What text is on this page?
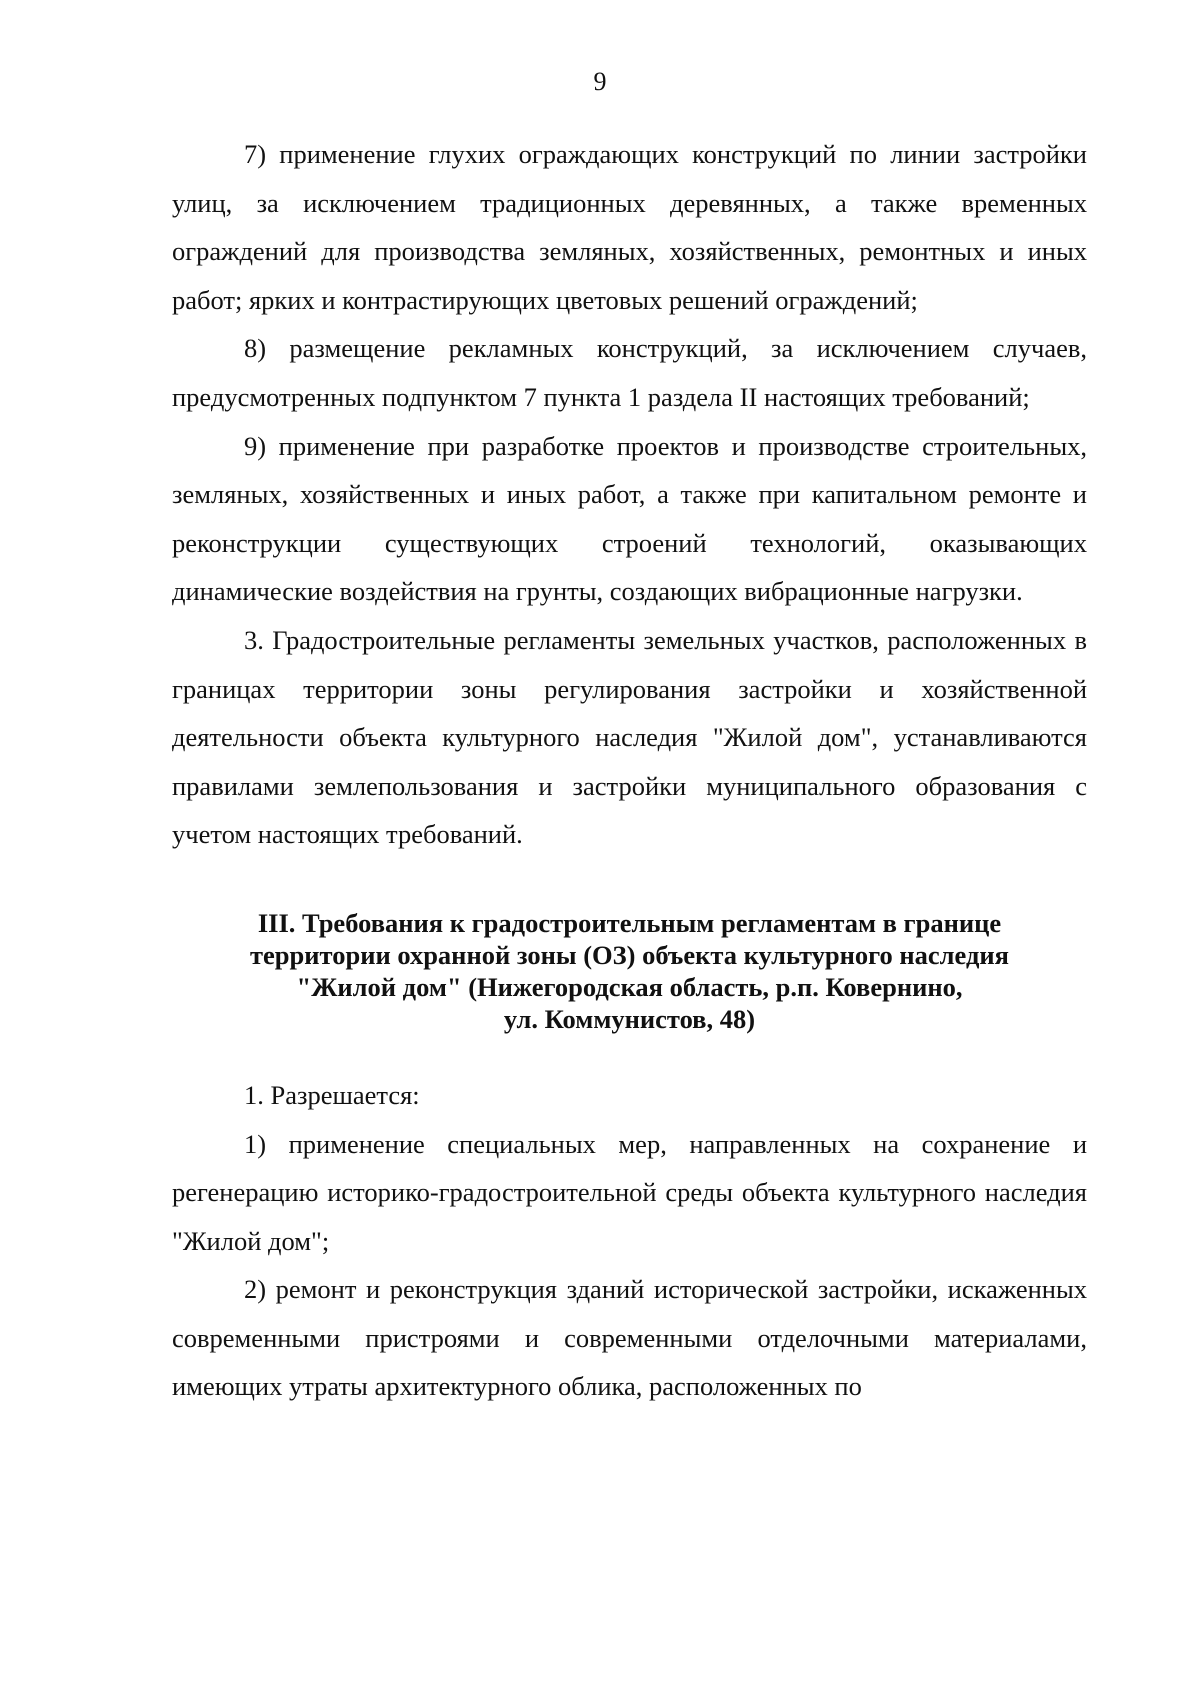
9

7) применение глухих ограждающих конструкций по линии застройки улиц, за исключением традиционных деревянных, а также временных ограждений для производства земляных, хозяйственных, ремонтных и иных работ; ярких и контрастирующих цветовых решений ограждений;

8) размещение рекламных конструкций, за исключением случаев, предусмотренных подпунктом 7 пункта 1 раздела II настоящих требований;

9) применение при разработке проектов и производстве строительных, земляных, хозяйственных и иных работ, а также при капитальном ремонте и реконструкции существующих строений технологий, оказывающих динамические воздействия на грунты, создающих вибрационные нагрузки.

3. Градостроительные регламенты земельных участков, расположенных в границах территории зоны регулирования застройки и хозяйственной деятельности объекта культурного наследия "Жилой дом", устанавливаются правилами землепользования и застройки муниципального образования с учетом настоящих требований.

III. Требования к градостроительным регламентам в границе
территории охранной зоны (ОЗ) объекта культурного наследия
"Жилой дом" (Нижегородская область, р.п. Ковернино,
ул. Коммунистов, 48)

1. Разрешается:

1) применение специальных мер, направленных на сохранение и регенерацию историко-градостроительной среды объекта культурного наследия "Жилой дом";

2) ремонт и реконструкция зданий исторической застройки, искаженных современными пристроями и современными отделочными материалами, имеющих утраты архитектурного облика, расположенных по
